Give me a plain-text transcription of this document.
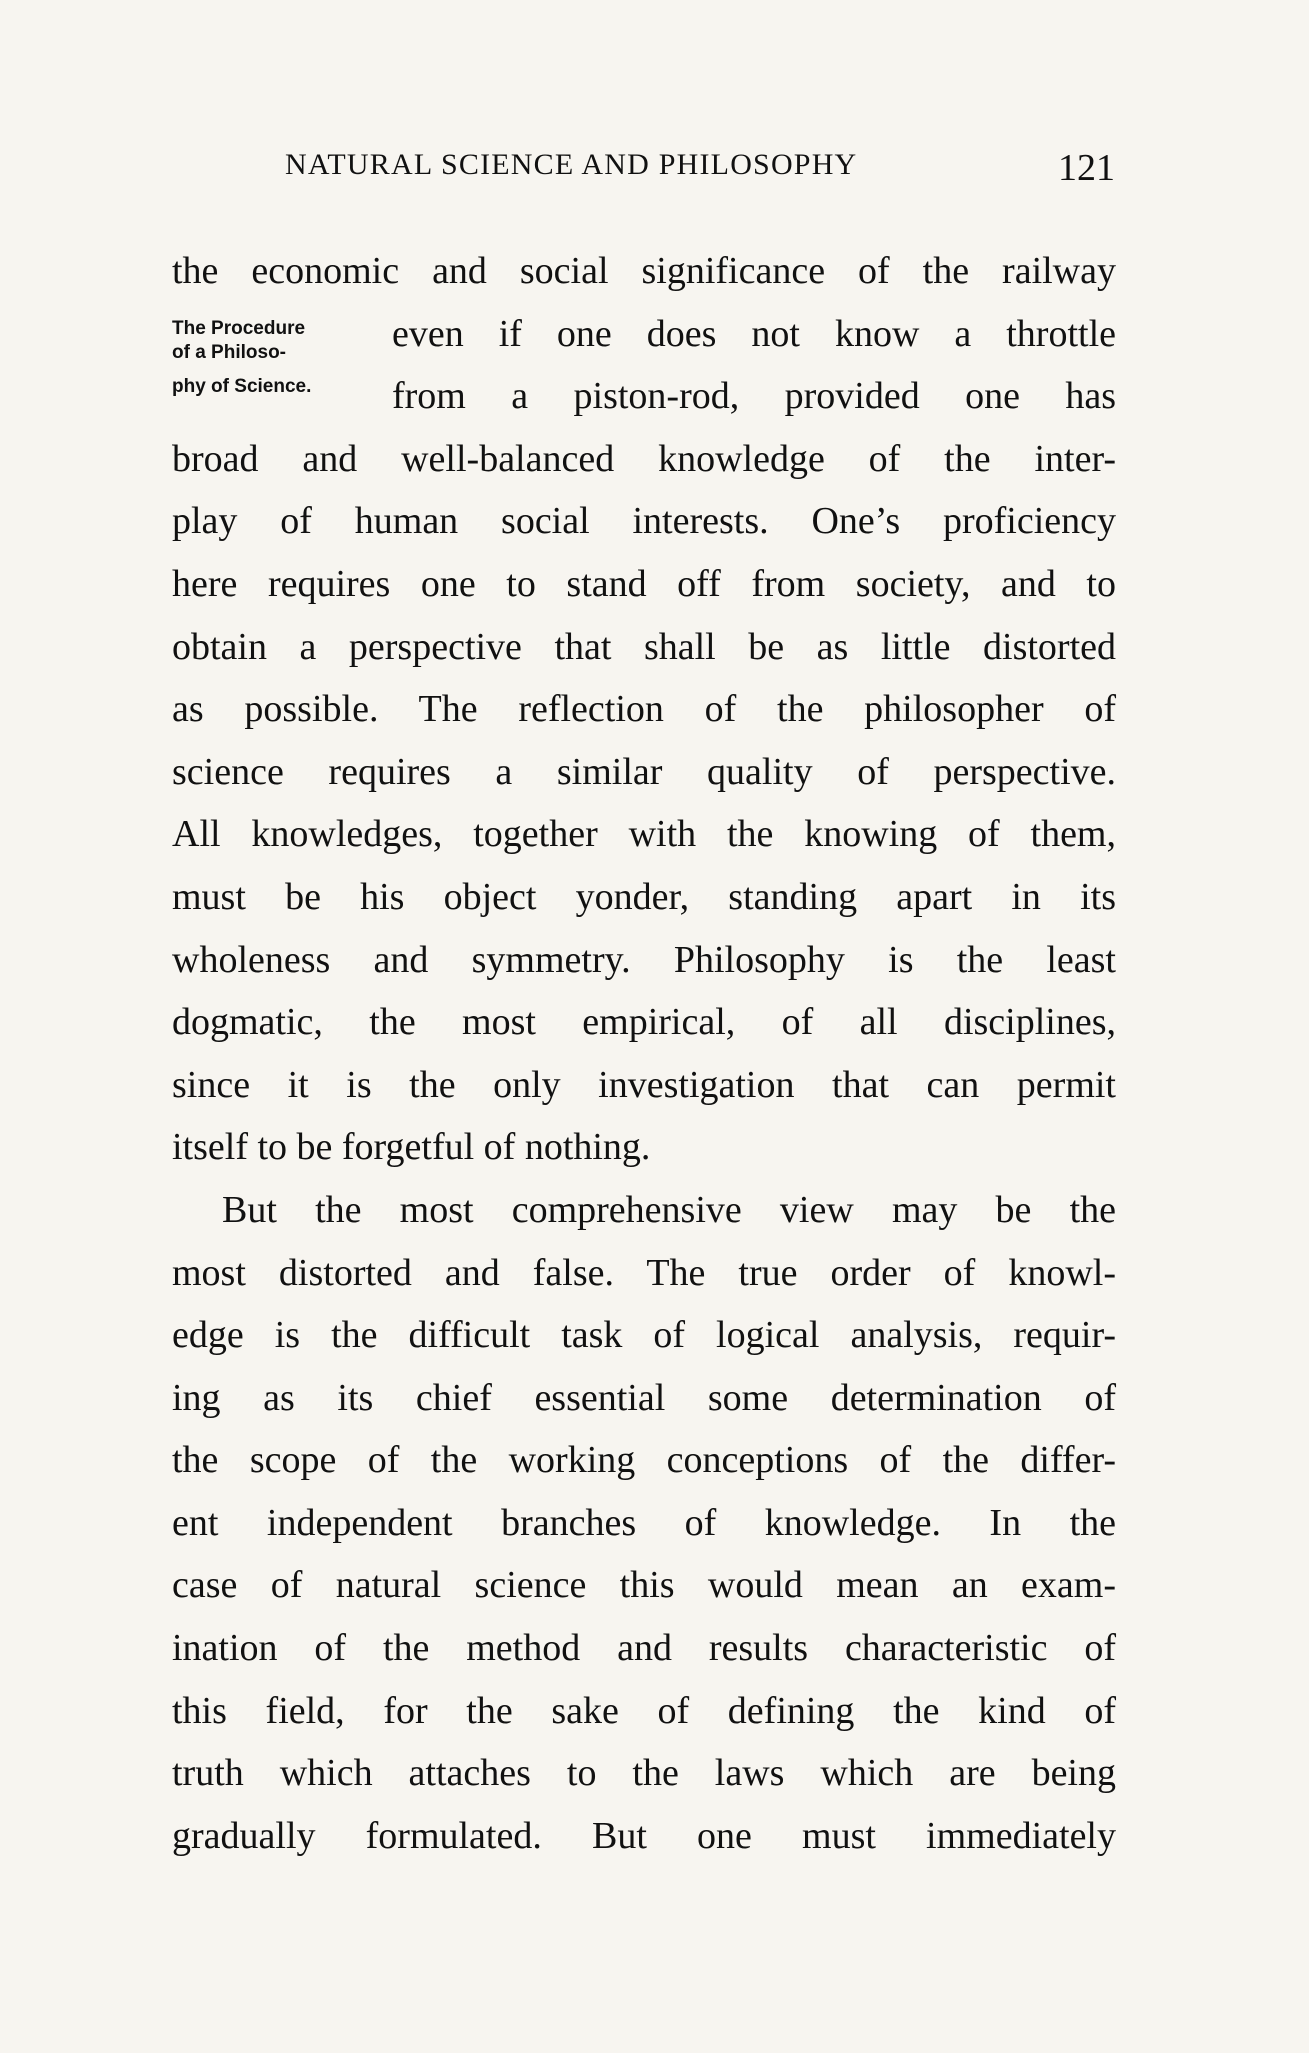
NATURAL SCIENCE AND PHILOSOPHY	121
The Procedure
of a Philoso-
phy of Science.
the economic and social significance of the railway
even if one does not know a throttle
from a piston-rod, provided one has
broad and well-balanced knowledge of the inter-
play of human social interests. One’s proficiency
here requires one to stand off from society, and to
obtain a perspective that shall be as little distorted
as possible. The reflection of the philosopher of
science requires a similar quality of perspective.
All knowledges, together with the knowing of them,
must be his object yonder, standing apart in its
wholeness and symmetry. Philosophy is the least
dogmatic, the most empirical, of all disciplines,
since it is the only investigation that can permit
itself to be forgetful of nothing.
But the most comprehensive view may be the
most distorted and false. The true order of knowl-
edge is the difficult task of logical analysis, requir-
ing as its chief essential some determination of
the scope of the working conceptions of the differ-
ent independent branches of knowledge. In the
case of natural science this would mean an exam-
ination of the method and results characteristic of
this field, for the sake of defining the kind of
truth which attaches to the laws which are being
gradually formulated. But one must immediately
